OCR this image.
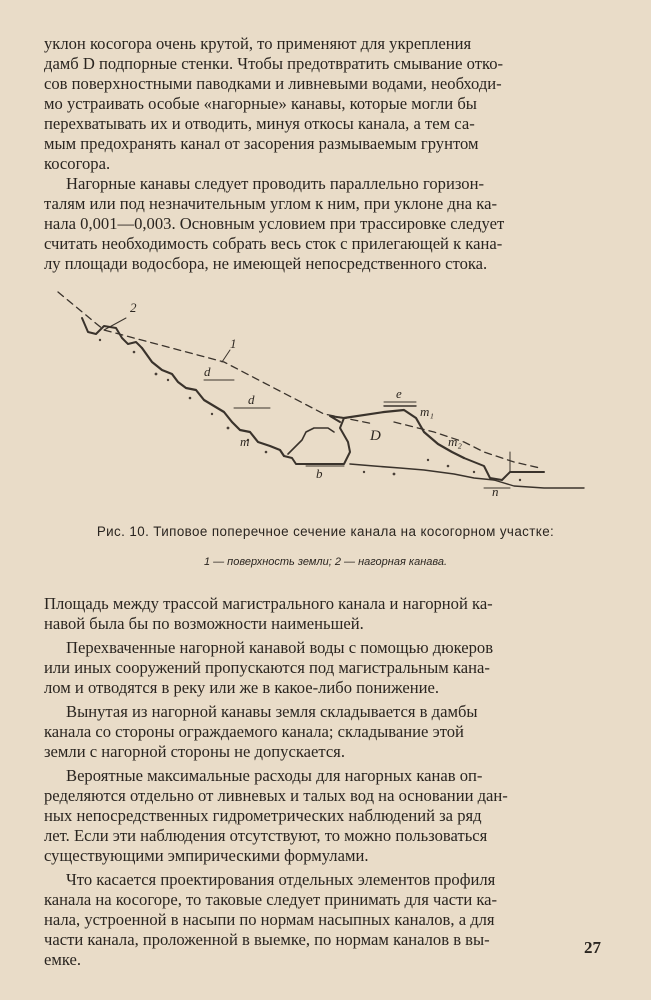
уклон косогора очень крутой, то применяют для укрепления
дамб D подпорные стенки. Чтобы предотвратить смывание отко-
сов поверхностными паводками и ливневыми водами, необходи-
мо устраивать особые «нагорные» канавы, которые могли бы
перехватывать их и отводить, минуя откосы канала, а тем са-
мым предохранять канал от засорения размываемым грунтом
косогора.

Нагорные канавы следует проводить параллельно горизон-
талям или под незначительным углом к ним, при уклоне дна ка-
нала 0,001—0,003. Основным условием при трассировке следует
считать необходимость собрать весь сток с прилегающей к кана-
лу площади водосбора, не имеющей непосредственного стока.

2
1
d
d	e
m₁
m	D	m₂
b
n
Рис. 10. Типовое поперечное сечение канала на косогорном участке:
1 — поверхность земли; 2 — нагорная канава.

Площадь между трассой магистрального канала и нагорной ка-
навой была бы по возможности наименьшей.

Перехваченные нагорной канавой воды с помощью дюкеров
или иных сооружений пропускаются под магистральным кана-
лом и отводятся в реку или же в какое-либо понижение.

Вынутая из нагорной канавы земля складывается в дамбы
канала со стороны ограждаемого канала; складывание этой
земли с нагорной стороны не допускается.

Вероятные максимальные расходы для нагорных канав оп-
ределяются отдельно от ливневых и талых вод на основании дан-
ных непосредственных гидрометрических наблюдений за ряд
лет. Если эти наблюдения отсутствуют, то можно пользоваться
существующими эмпирическими формулами.

Что касается проектирования отдельных элементов профиля
канала на косогоре, то таковые следует принимать для части ка-
нала, устроенной в насыпи по нормам насыпных каналов, а для
части канала, проложенной в выемке, по нормам каналов в вы-
емке.

27
